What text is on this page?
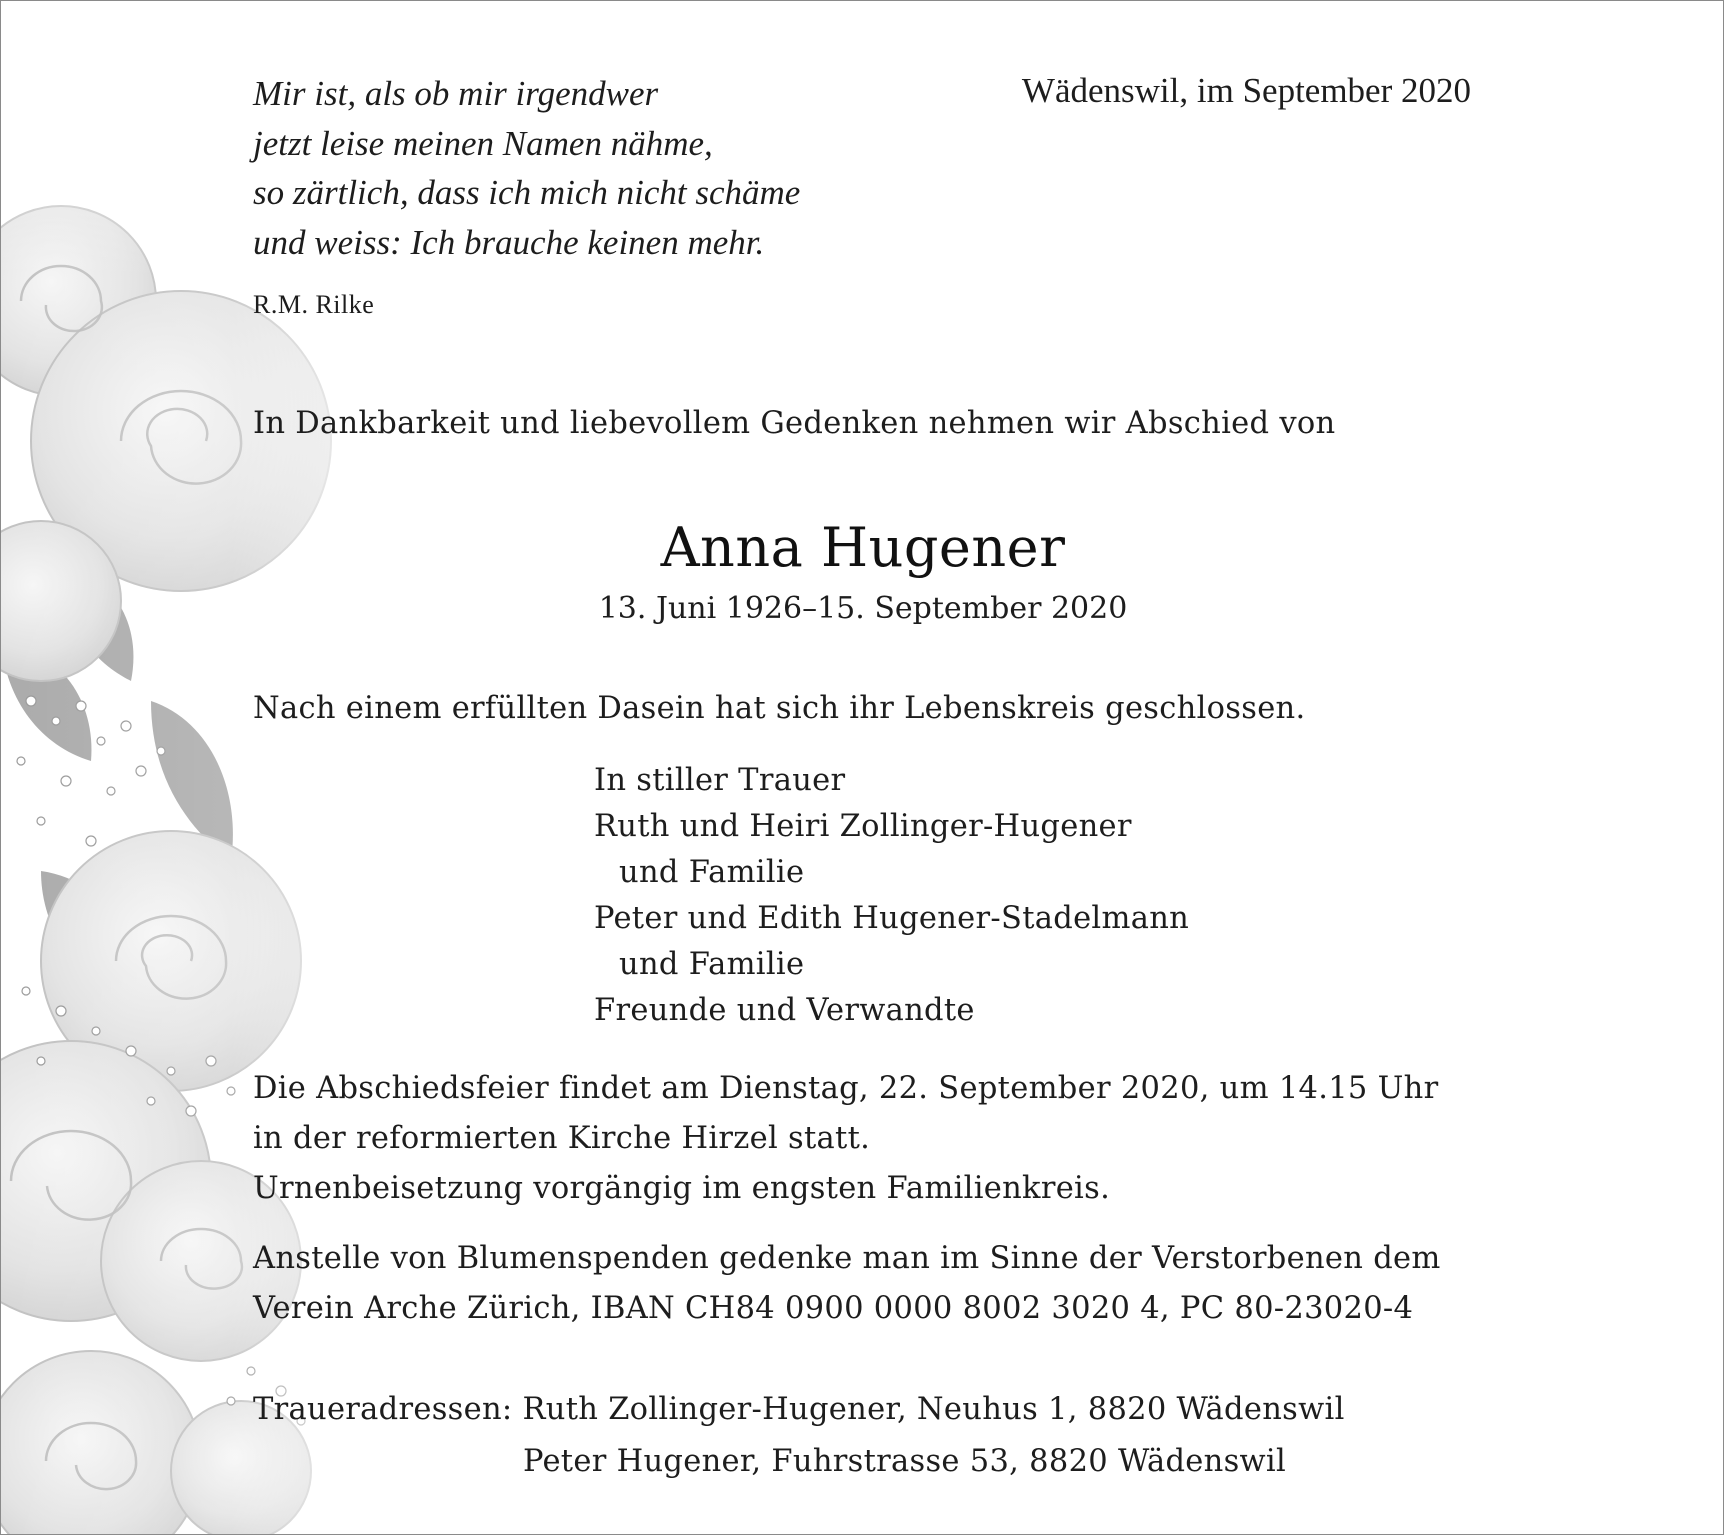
Mir ist, als ob mir irgendwer
jetzt leise meinen Namen nähme,
so zärtlich, dass ich mich nicht schäme
und weiss: Ich brauche keinen mehr.

R.M. Rilke

Wädenswil, im September 2020

In Dankbarkeit und liebevollem Gedenken nehmen wir Abschied von

Anna Hugener

13. Juni 1926–15. September 2020

Nach einem erfüllten Dasein hat sich ihr Lebenskreis geschlossen.

In stiller Trauer
Ruth und Heiri Zollinger-Hugener
und Familie
Peter und Edith Hugener-Stadelmann
und Familie
Freunde und Verwandte
Die Abschiedsfeier findet am Dienstag, 22. September 2020, um 14.15 Uhr
in der reformierten Kirche Hirzel statt.
Urnenbeisetzung vorgängig im engsten Familienkreis.
Anstelle von Blumenspenden gedenke man im Sinne der Verstorbenen dem
Verein Arche Zürich, IBAN CH84 0900 0000 8002 3020 4, PC 80-23020-4
Traueradressen: Ruth Zollinger-Hugener, Neuhus 1, 8820 Wädenswil
Peter Hugener, Fuhrstrasse 53, 8820 Wädenswil
